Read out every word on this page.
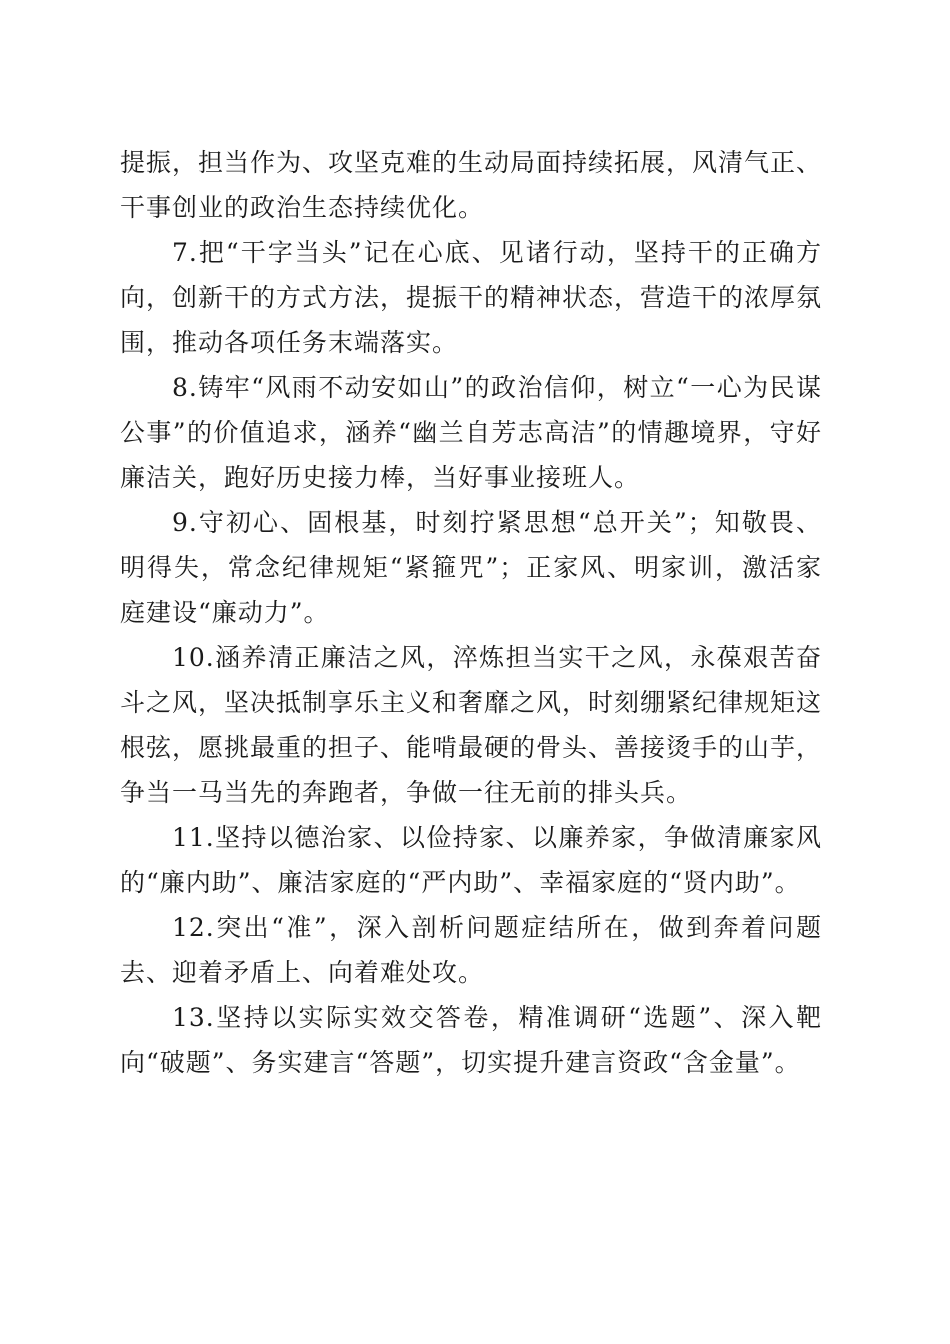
提振，担当作为、攻坚克难的生动局面持续拓展，风清气正、干事创业的政治生态持续优化。

7.把“干字当头”记在心底、见诸行动，坚持干的正确方向，创新干的方式方法，提振干的精神状态，营造干的浓厚氛围，推动各项任务末端落实。

8.铸牢“风雨不动安如山”的政治信仰，树立“一心为民谋公事”的价值追求，涵养“幽兰自芳志高洁”的情趣境界，守好廉洁关，跑好历史接力棒，当好事业接班人。

9.守初心、固根基，时刻拧紧思想“总开关”；知敬畏、明得失，常念纪律规矩“紧箍咒”；正家风、明家训，激活家庭建设“廉动力”。

10.涵养清正廉洁之风，淬炼担当实干之风，永葆艰苦奋斗之风，坚决抵制享乐主义和奢靡之风，时刻绷紧纪律规矩这根弦，愿挑最重的担子、能啃最硬的骨头、善接烫手的山芋，争当一马当先的奔跑者，争做一往无前的排头兵。

11.坚持以德治家、以俭持家、以廉养家，争做清廉家风的“廉内助”、廉洁家庭的“严内助”、幸福家庭的“贤内助”。

12.突出“准”，深入剖析问题症结所在，做到奔着问题去、迎着矛盾上、向着难处攻。

13.坚持以实际实效交答卷，精准调研“选题”、深入靶向“破题”、务实建言“答题”，切实提升建言资政“含金量”。
